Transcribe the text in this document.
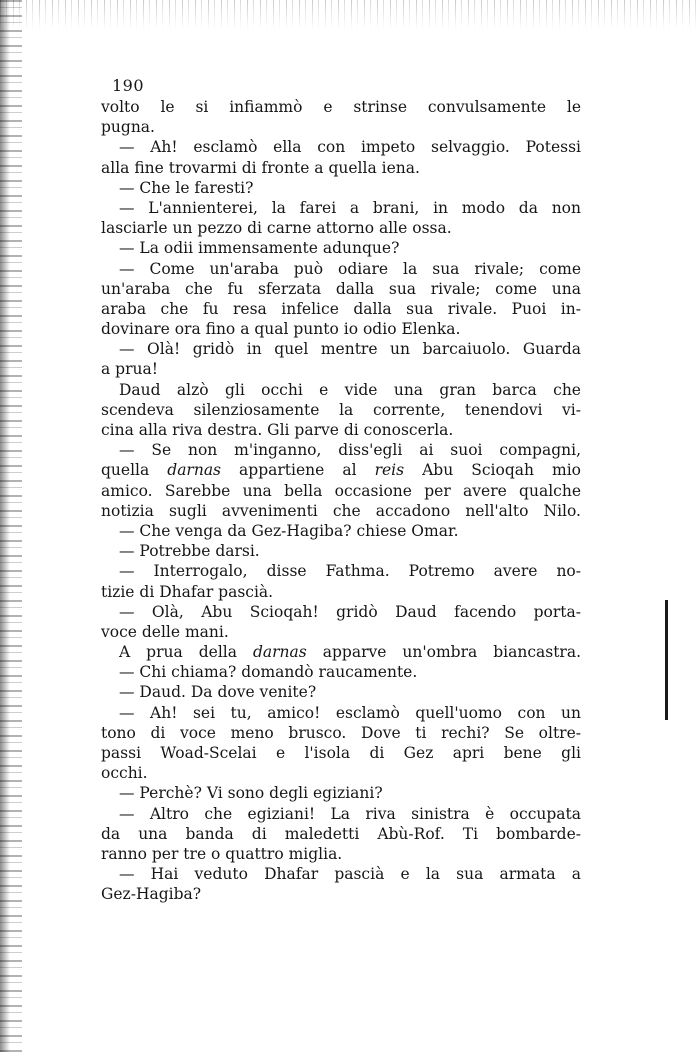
190
volto le si infiammò e strinse convulsamente le
pugna.
— Ah! esclamò ella con impeto selvaggio. Potessi
alla fine trovarmi di fronte a quella iena.
— Che le faresti?
— L'annienterei, la farei a brani, in modo da non
lasciarle un pezzo di carne attorno alle ossa.
— La odii immensamente adunque?
— Come un'araba può odiare la sua rivale; come
un'araba che fu sferzata dalla sua rivale; come una
araba che fu resa infelice dalla sua rivale. Puoi in-
dovinare ora fino a qual punto io odio Elenka.
— Olà! gridò in quel mentre un barcaiuolo. Guarda
a prua!
Daud alzò gli occhi e vide una gran barca che
scendeva silenziosamente la corrente, tenendovi vi-
cina alla riva destra. Gli parve di conoscerla.
— Se non m'inganno, diss'egli ai suoi compagni,
quella darnas appartiene al reis Abu Scioqah mio
amico. Sarebbe una bella occasione per avere qualche
notizia sugli avvenimenti che accadono nell'alto Nilo.
— Che venga da Gez-Hagiba? chiese Omar.
— Potrebbe darsi.
— Interrogalo, disse Fathma. Potremo avere no-
tizie di Dhafar pascià.
— Olà, Abu Scioqah! gridò Daud facendo porta-
voce delle mani.
A prua della darnas apparve un'ombra biancastra.
— Chi chiama? domandò raucamente.
— Daud. Da dove venite?
— Ah! sei tu, amico! esclamò quell'uomo con un
tono di voce meno brusco. Dove ti rechi? Se oltre-
passi Woad-Scelai e l'isola di Gez apri bene gli
occhi.
— Perchè? Vi sono degli egiziani?
— Altro che egiziani! La riva sinistra è occupata
da una banda di maledetti Abù-Rof. Ti bombarde-
ranno per tre o quattro miglia.
— Hai veduto Dhafar pascià e la sua armata a
Gez-Hagiba?
